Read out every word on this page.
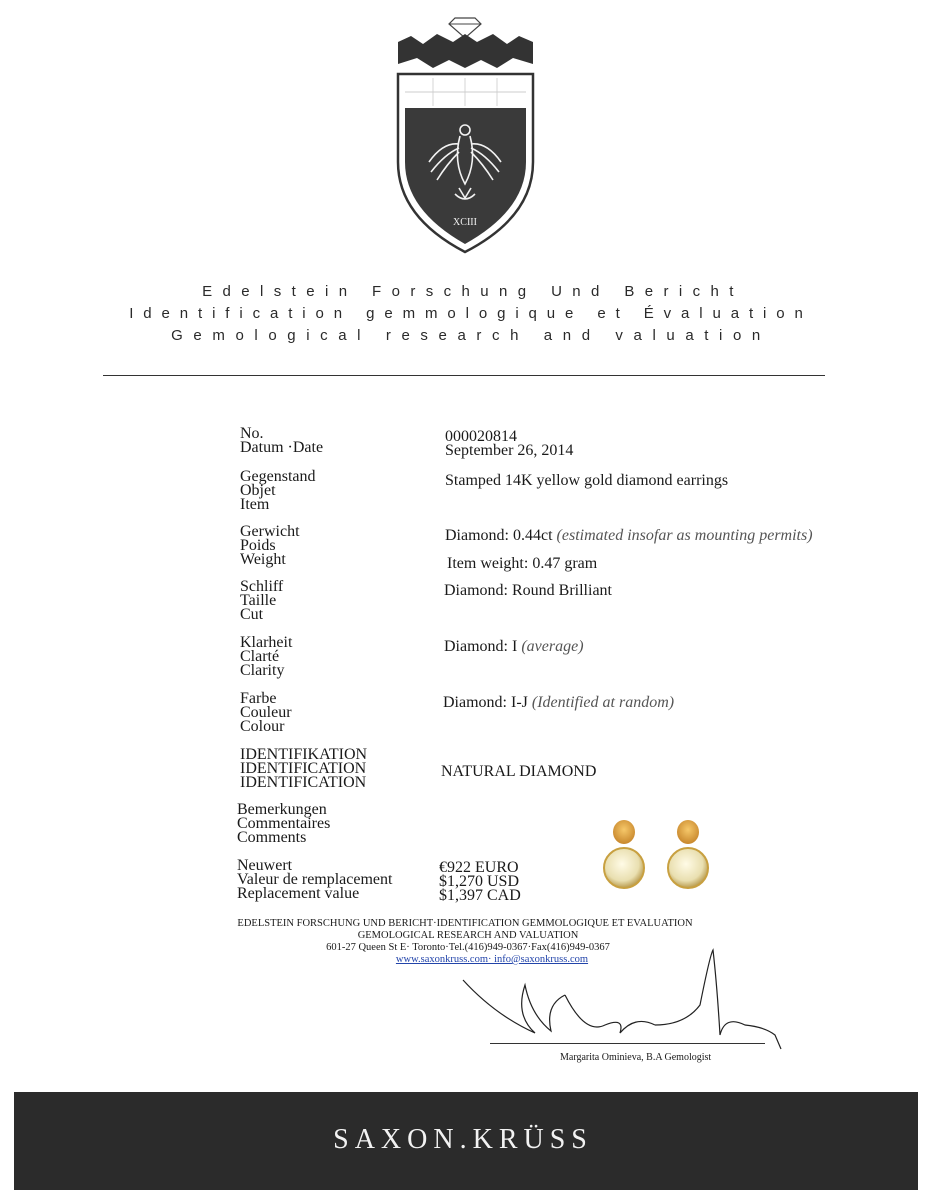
XCIII
Edelstein Forschung Und Bericht
Identification gemmologique et Évaluation
Gemological research and valuation
No.
Datum ·Date
000020814
September 26, 2014
Gegenstand
Objet
Item
Stamped 14K yellow gold diamond earrings
Gerwicht
Poids
Weight
Diamond: 0.44ct (estimated insofar as mounting permits)
Item weight: 0.47 gram
Schliff
Taille
Cut
Diamond: Round Brilliant
Klarheit
Clarté
Clarity
Diamond: I (average)
Farbe
Couleur
Colour
Diamond: I-J (Identified at random)
IDENTIFIKATION
IDENTIFICATION
IDENTIFICATION
NATURAL DIAMOND
Bemerkungen
Commentaires
Comments
Neuwert
Valeur de remplacement
Replacement value
€922 EURO
$1,270 USD
$1,397 CAD
EDELSTEIN FORSCHUNG UND BERICHT·IDENTIFICATION GEMMOLOGIQUE ET EVALUATION
GEMOLOGICAL RESEARCH AND VALUATION
601-27 Queen St E· Toronto·Tel.(416)949-0367·Fax(416)949-0367
www.saxonkruss.com· info@saxonkruss.com
Margarita Ominieva, B.A Gemologist
SAXON.KRÜSS
